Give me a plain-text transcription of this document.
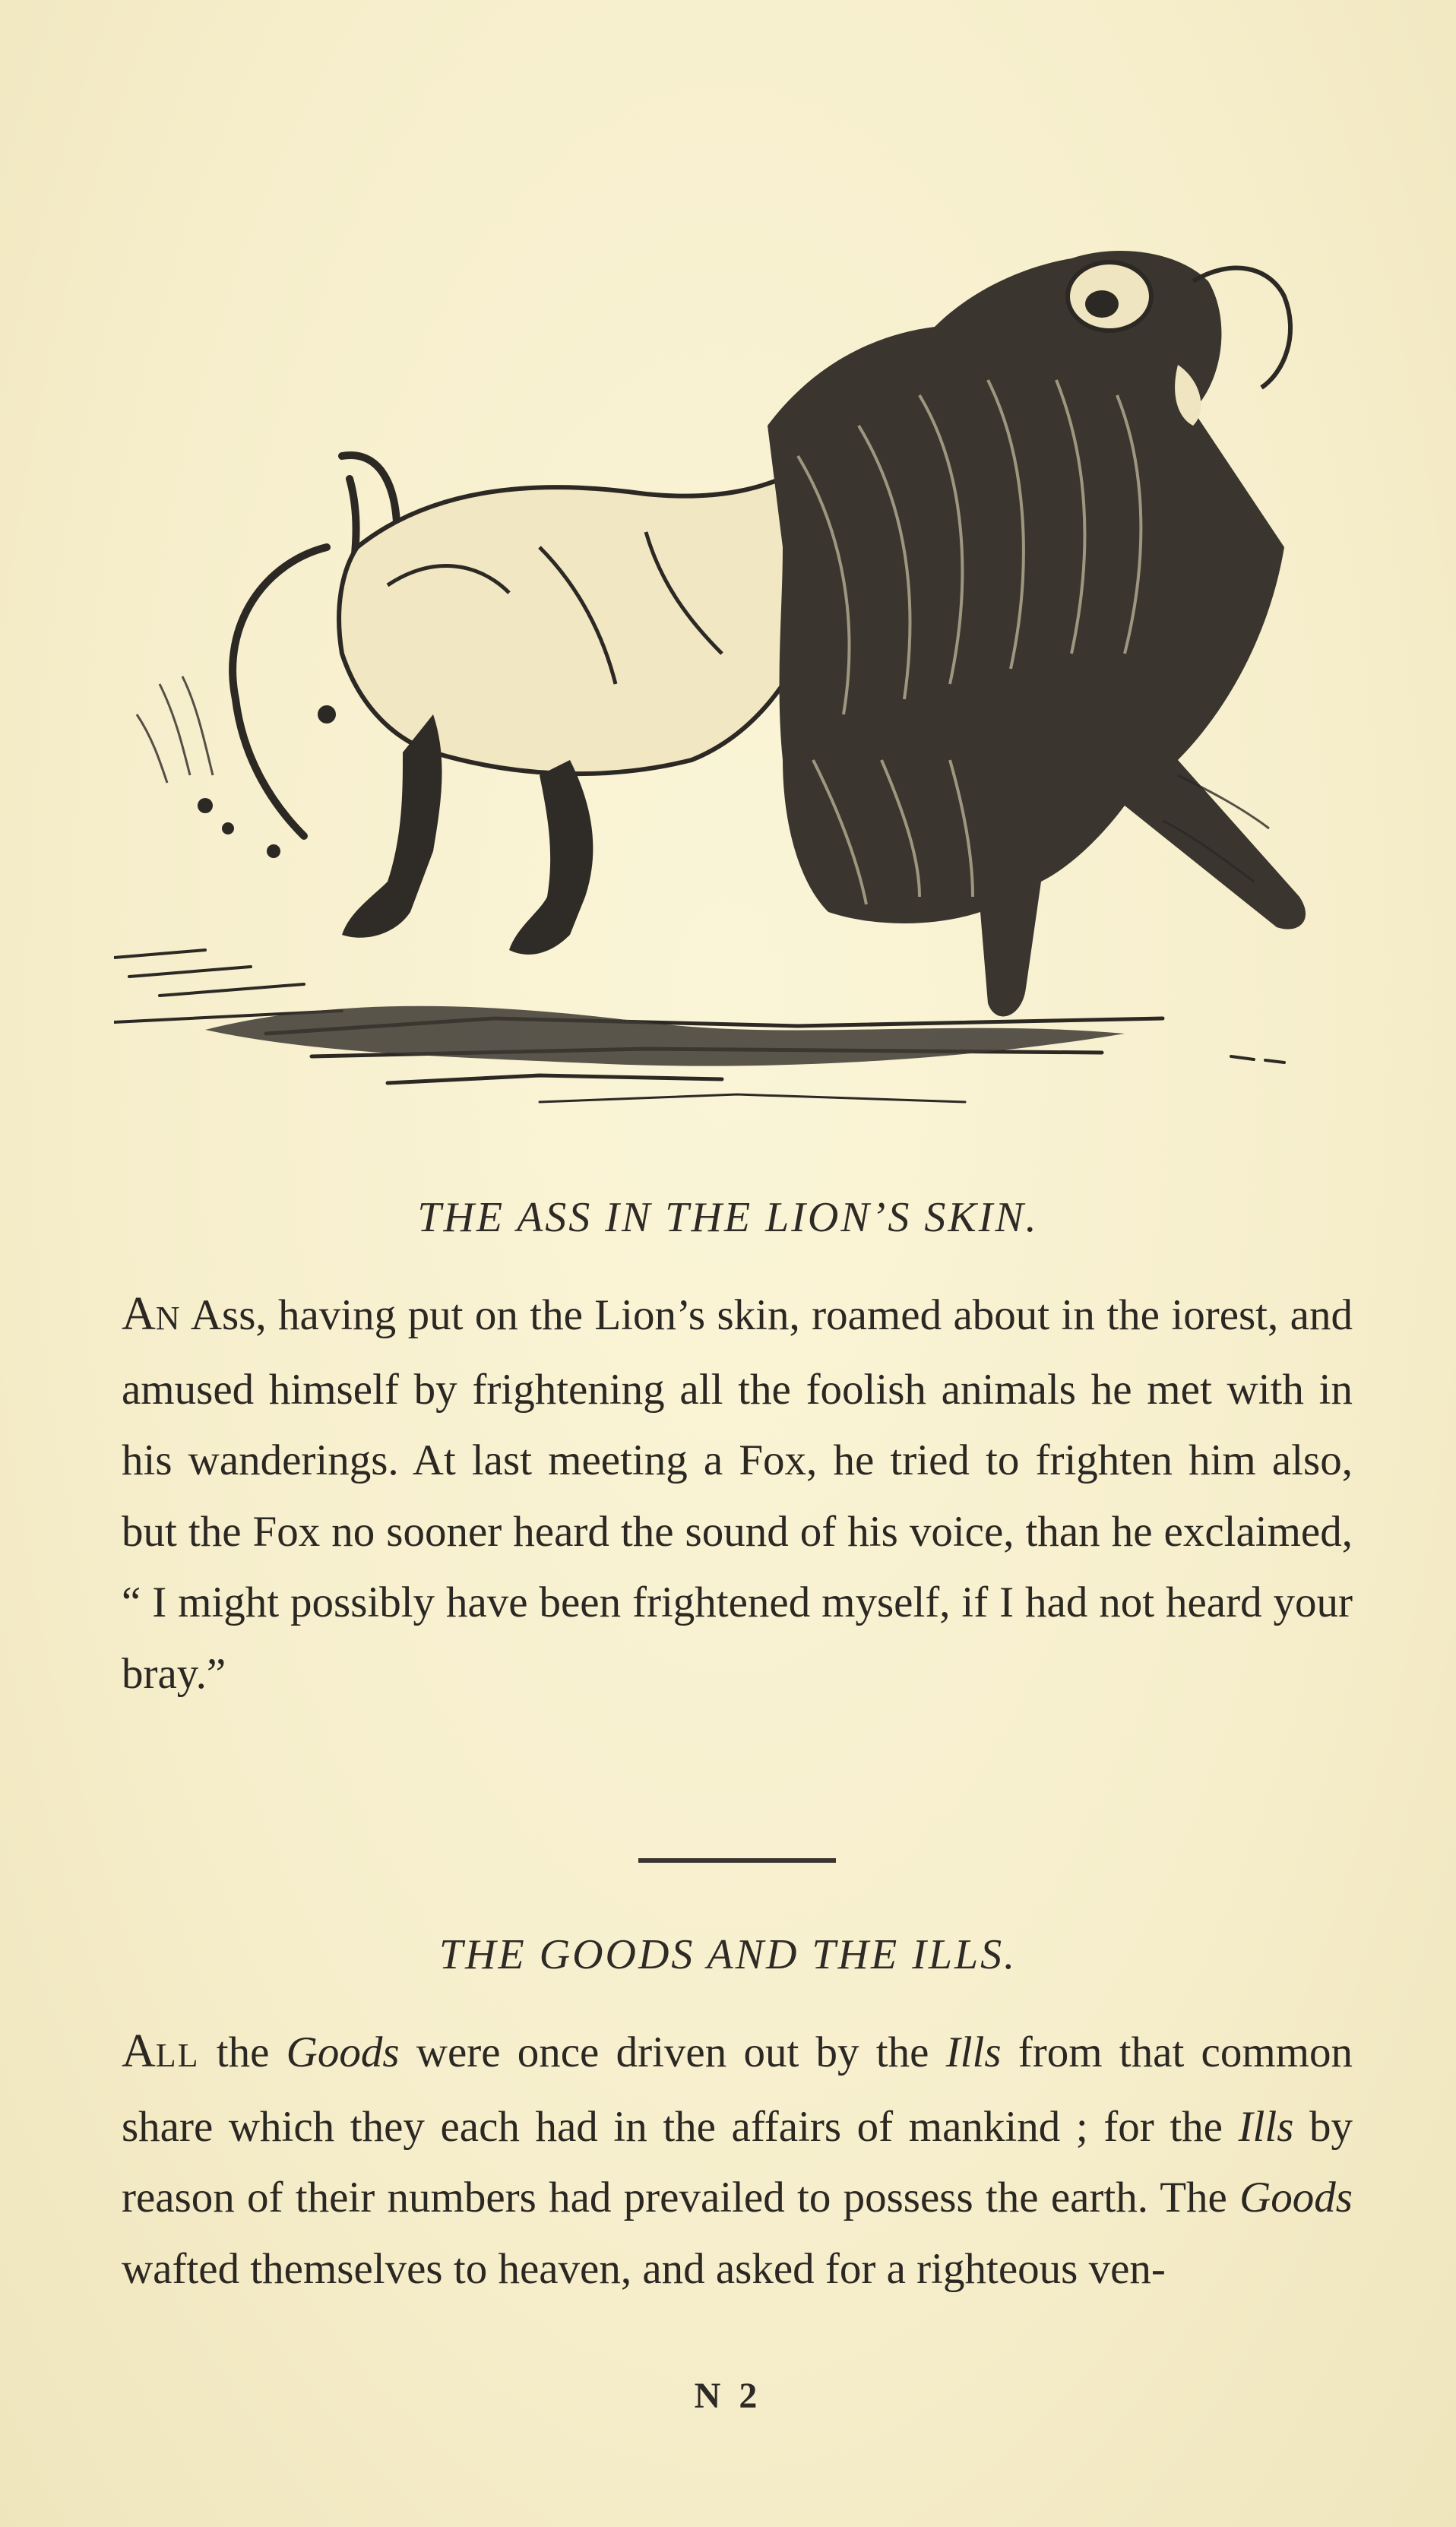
THE ASS IN THE LION’S SKIN.

AN Ass, having put on the Lion’s skin, roamed about in the iorest, and amused himself by frightening all the foolish animals he met with in his wanderings. At last meeting a Fox, he tried to frighten him also, but the Fox no sooner heard the sound of his voice, than he exclaimed, “ I might possibly have been frightened myself, if I had not heard your bray.”

THE GOODS AND THE ILLS.

ALL the Goods were once driven out by the Ills from that common share which they each had in the affairs of mankind ; for the Ills by reason of their numbers had prevailed to possess the earth. The Goods wafted themselves to heaven, and asked for a righteous ven-

N 2
